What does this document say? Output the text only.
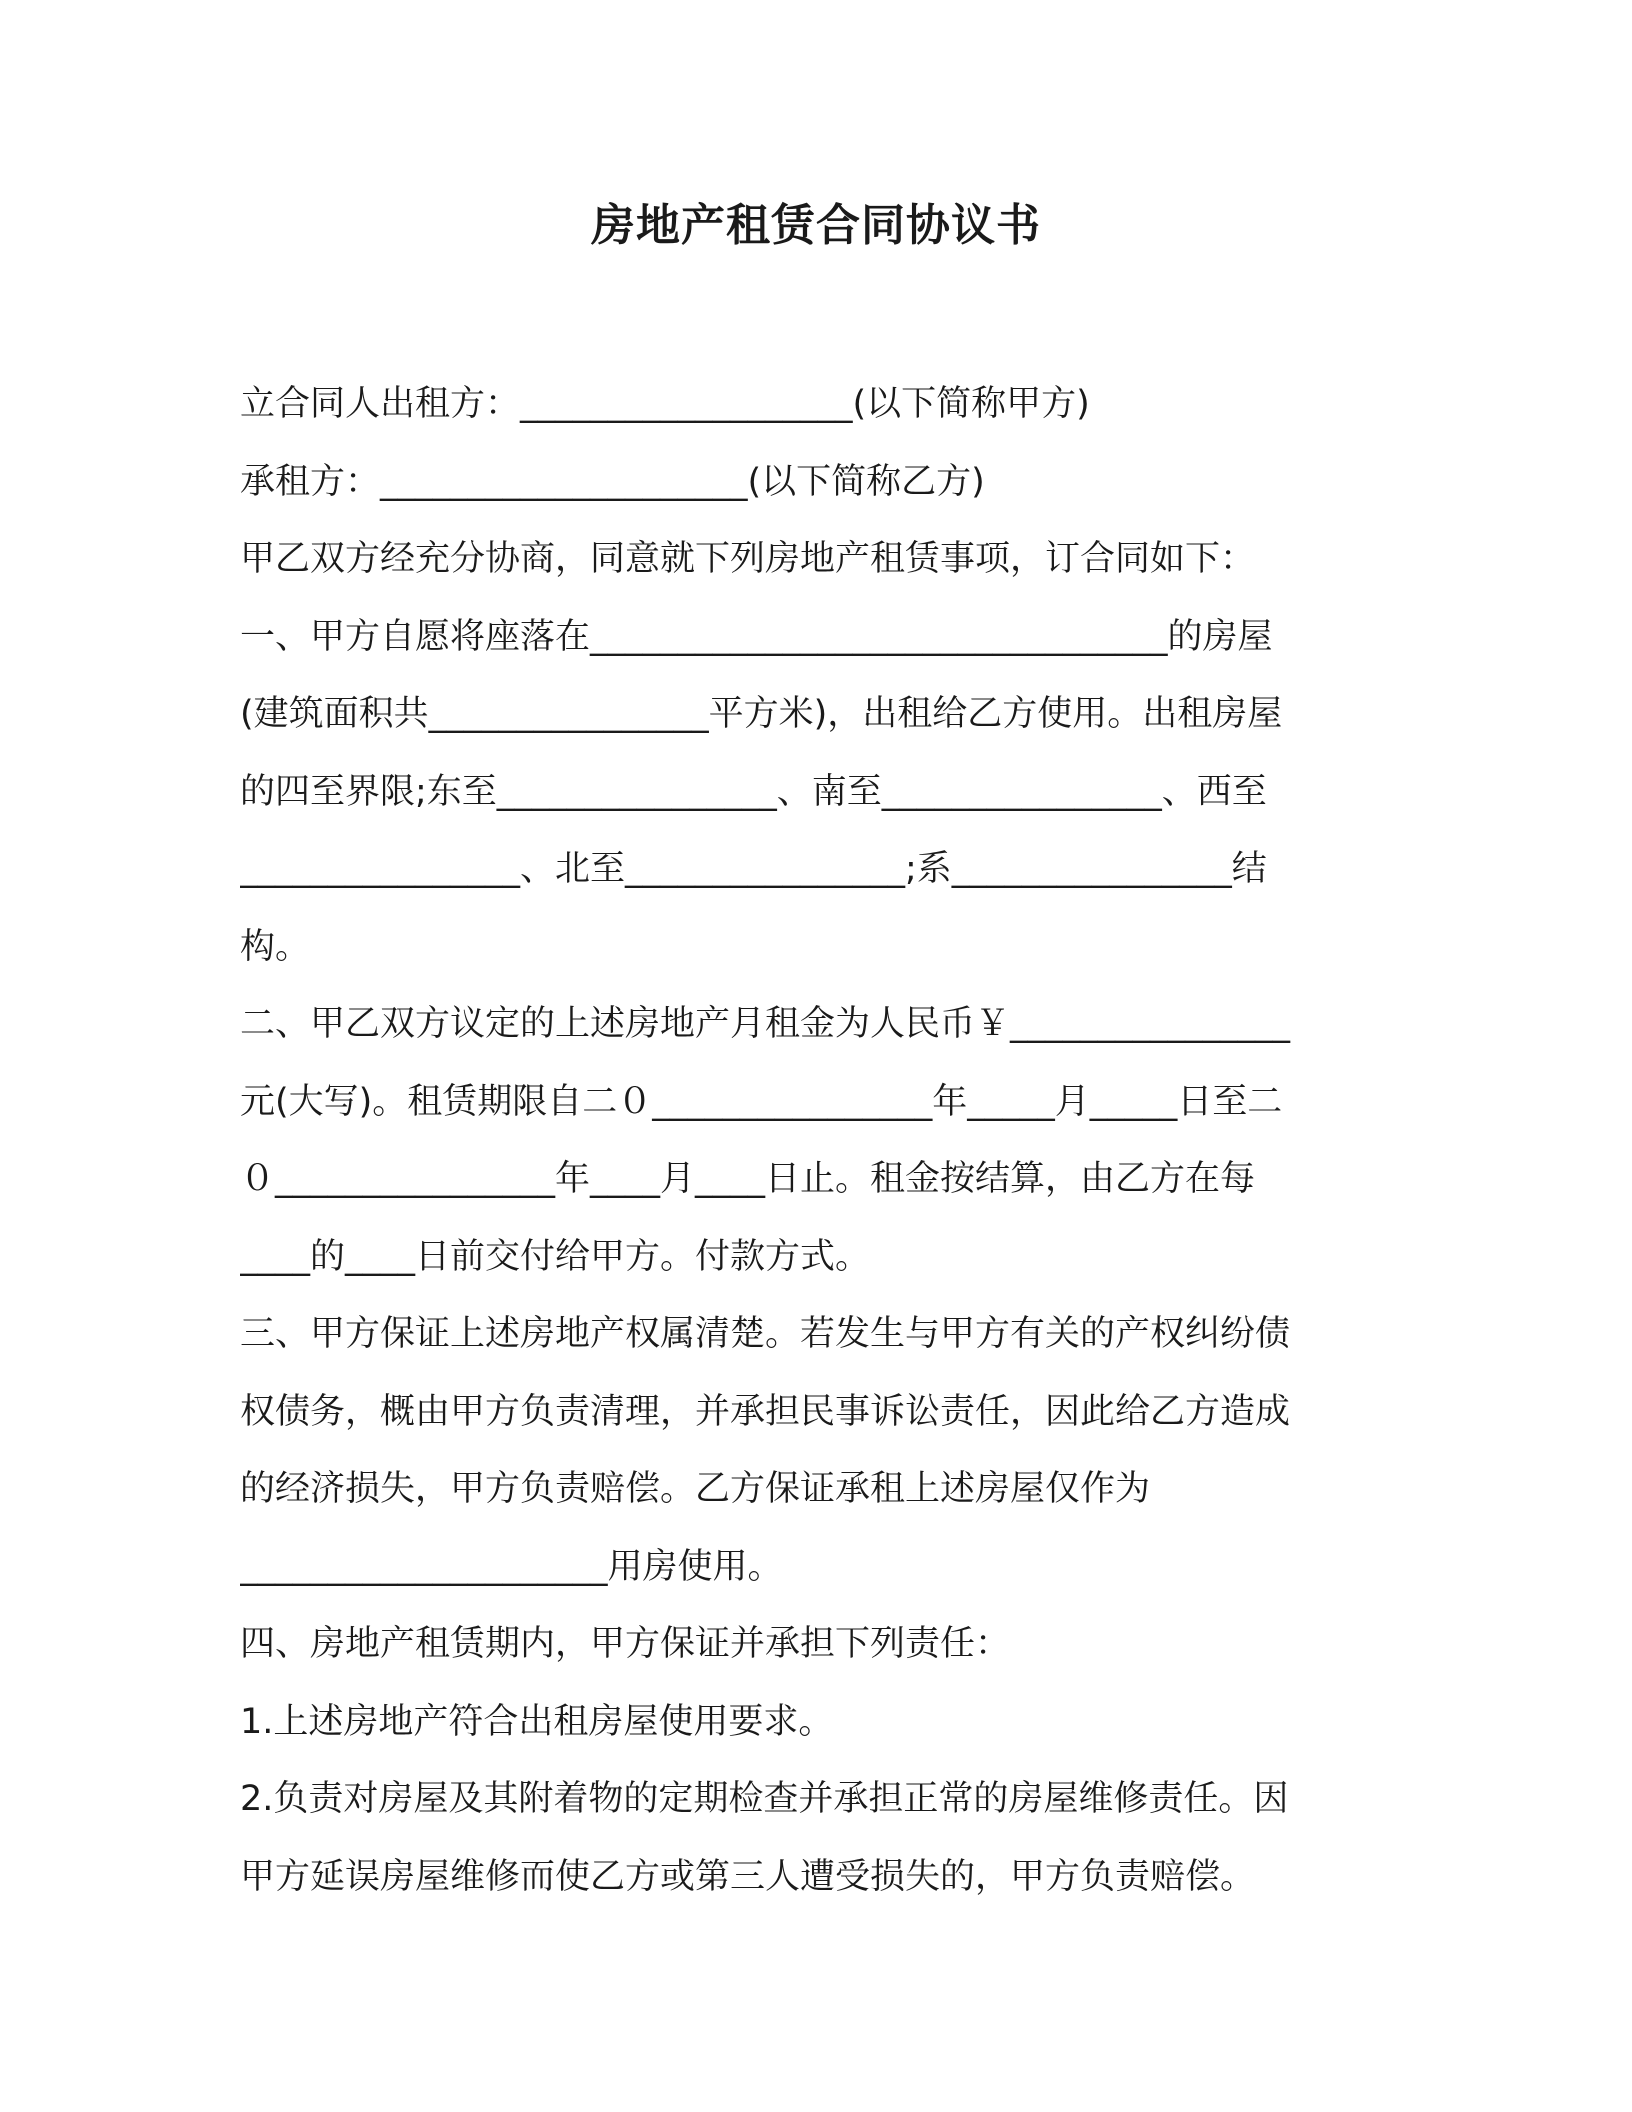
房地产租赁合同协议书
立合同人出租方：___________________(以下简称甲方)
承租方：_____________________(以下简称乙方)
甲乙双方经充分协商，同意就下列房地产租赁事项，订合同如下：
一、甲方自愿将座落在_________________________________的房屋
(建筑面积共________________平方米)，出租给乙方使用。出租房屋
的四至界限;东至________________、南至________________、西至
________________、北至________________;系________________结
构。
二、甲乙双方议定的上述房地产月租金为人民币￥________________
元(大写)。租赁期限自二０________________年_____月_____日至二
０________________年____月____日止。租金按结算，由乙方在每
____的____日前交付给甲方。付款方式。
三、甲方保证上述房地产权属清楚。若发生与甲方有关的产权纠纷债
权债务，概由甲方负责清理，并承担民事诉讼责任，因此给乙方造成
的经济损失，甲方负责赔偿。乙方保证承租上述房屋仅作为
_____________________用房使用。
四、房地产租赁期内，甲方保证并承担下列责任：
1.上述房地产符合出租房屋使用要求。
2.负责对房屋及其附着物的定期检查并承担正常的房屋维修责任。因
甲方延误房屋维修而使乙方或第三人遭受损失的，甲方负责赔偿。
